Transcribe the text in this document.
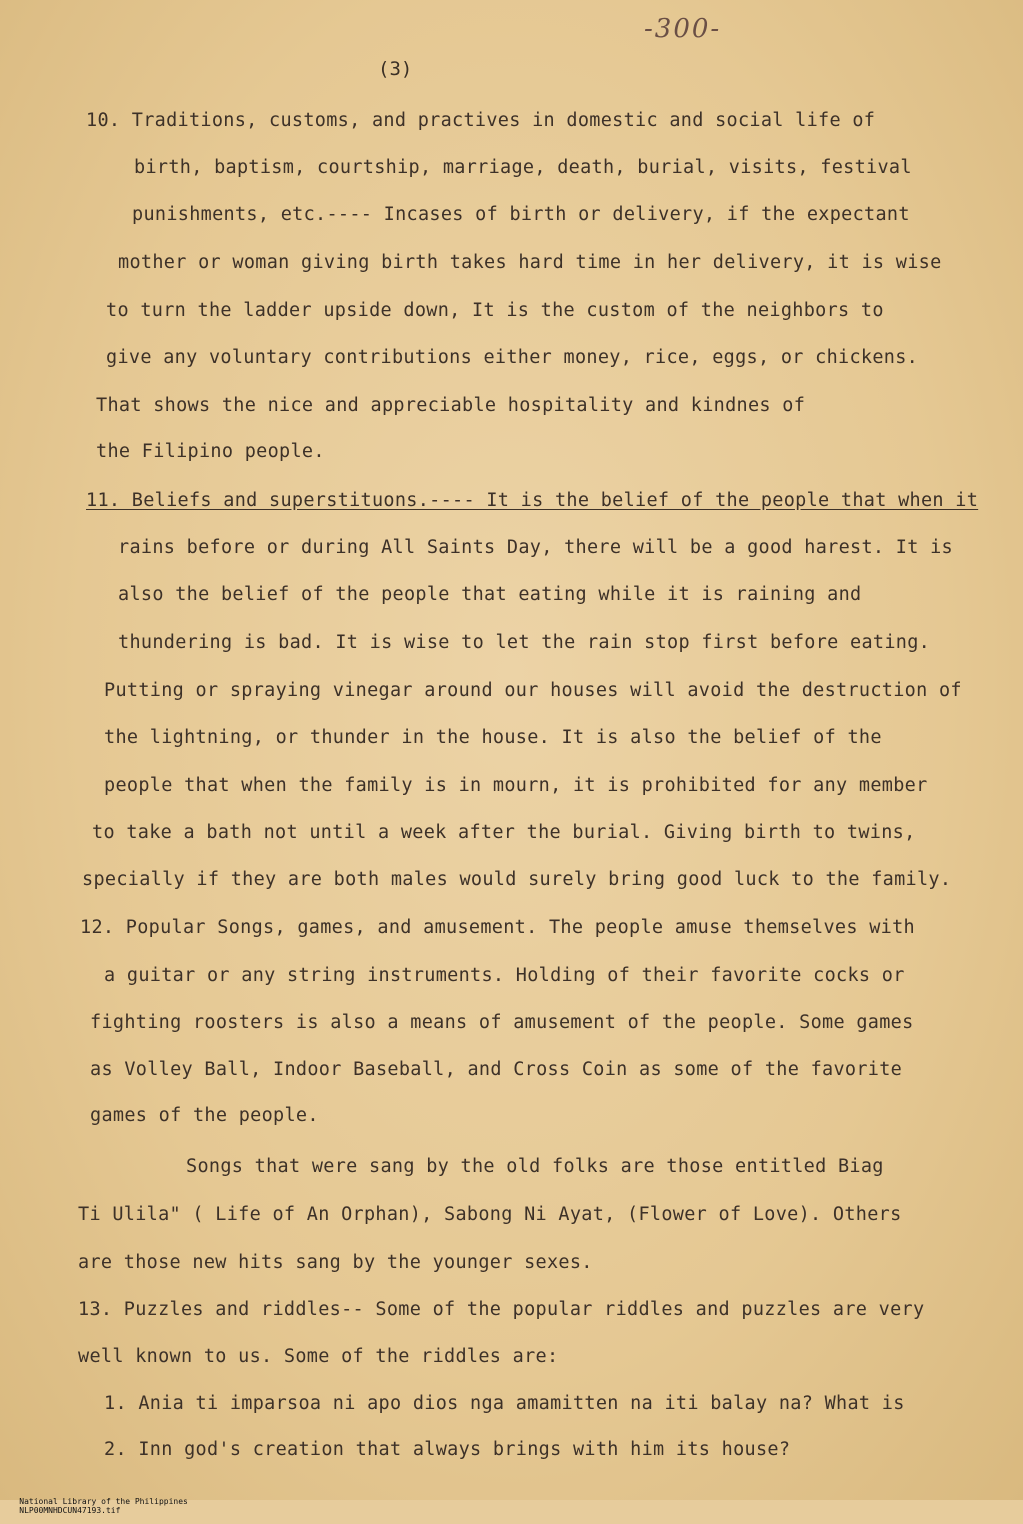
-300-
(3)
10. Traditions, customs, and practives in domestic and social life of
birth, baptism, courtship, marriage, death, burial, visits, festival
punishments, etc.---- Incases of birth or delivery, if the expectant
mother or woman giving birth takes hard time in her delivery, it is wise
to turn the ladder upside down, It is the custom of the neighbors to
give any voluntary contributions either money, rice, eggs, or chickens.
That shows the nice and appreciable hospitality and kindnes of
the Filipino people.
11. Beliefs and superstituons.---- It is the belief of the people that when it
rains before or during All Saints Day, there will be a good harest. It is
also the belief of the people that eating while it is raining and
thundering is bad. It is wise to let the rain stop first before eating.
Putting or spraying vinegar around our houses will avoid the destruction of
the lightning, or thunder in the house. It is also the belief of the
people that when the family is in mourn, it is prohibited for any member
to take a bath not until a week after the burial. Giving birth to twins,
specially if they are both males would surely bring good luck to the family.
12. Popular Songs, games, and amusement. The people amuse themselves with
a guitar or any string instruments. Holding of their favorite cocks or
fighting roosters is also a means of amusement of the people. Some games
as Volley Ball, Indoor Baseball, and Cross Coin as some of the favorite
games of the people.
Songs that were sang by the old folks are those entitled Biag
Ti Ulila" ( Life of An Orphan), Sabong Ni Ayat, (Flower of Love). Others
are those new hits sang by the younger sexes.
13. Puzzles and riddles-- Some of the popular riddles and puzzles are very
well known to us. Some of the riddles are:
1. Ania ti imparsoa ni apo dios nga amamitten na iti balay na? What is
2. Inn god's creation that always brings with him its house?

National Library of the Philippines
NLP00MNHDCUN47193.tif
